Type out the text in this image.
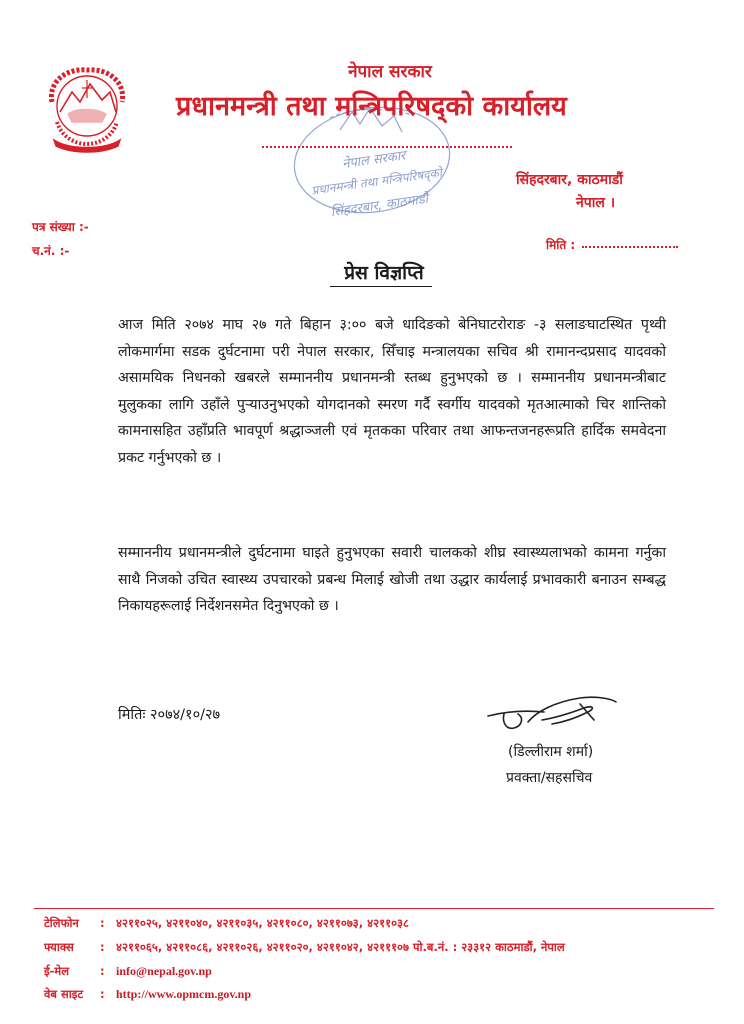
नेपाल सरकार
प्रधानमन्त्री तथा मन्त्रिपरिषद्को
सिंहदरबार, काठमाडौं
नेपाल सरकार
प्रधानमन्त्री तथा मन्त्रिपरिषद्को कार्यालय
सिंहदरबार, काठमाडौं
नेपाल ।
पत्र संख्या :-
च.नं. :-	मिति :
प्रेस विज्ञप्ति

आज मिति २०७४ माघ २७ गते बिहान ३:०० बजे धादिङको बेनिघाटरोराङ -३ सलाङघाटस्थित पृथ्वी लोकमार्गमा सडक दुर्घटनामा परी नेपाल सरकार, सिँचाइ मन्त्रालयका सचिव श्री रामानन्दप्रसाद यादवको असामयिक निधनको खबरले सम्माननीय प्रधानमन्त्री स्तब्ध हुनुभएको छ । सम्माननीय प्रधानमन्त्रीबाट मुलुकका लागि उहाँले पुऱ्याउनुभएको योगदानको स्मरण गर्दै स्वर्गीय यादवको मृतआत्माको चिर शान्तिको कामनासहित उहाँप्रति भावपूर्ण श्रद्धाञ्जली एवं मृतकका परिवार तथा आफन्तजनहरूप्रति हार्दिक समवेदना प्रकट गर्नुभएको छ ।

सम्माननीय प्रधानमन्त्रीले दुर्घटनामा घाइते हुनुभएका सवारी चालकको शीघ्र स्वास्थ्यलाभको कामना गर्नुका साथै निजको उचित स्वास्थ्य उपचारको प्रबन्ध मिलाई खोजी तथा उद्धार कार्यलाई प्रभावकारी बनाउन सम्बद्ध निकायहरूलाई निर्देशनसमेत दिनुभएको छ ।

मितिः २०७४/१०/२७
(डिल्लीराम शर्मा)
प्रवक्ता/सहसचिव
टेलिफोन : ४२११०२५, ४२११०४०, ४२११०३५, ४२११०८०, ४२११०७३, ४२११०३८
फ्याक्स : ४२११०६५, ४२११०८६, ४२११०२६, ४२११०२०, ४२११०४२, ४२१११०७ पो.ब.नं. : २३३१२ काठमाडौं, नेपाल
ई-मेल	: info@nepal.gov.np
वेब साइट : http://www.opmcm.gov.np
